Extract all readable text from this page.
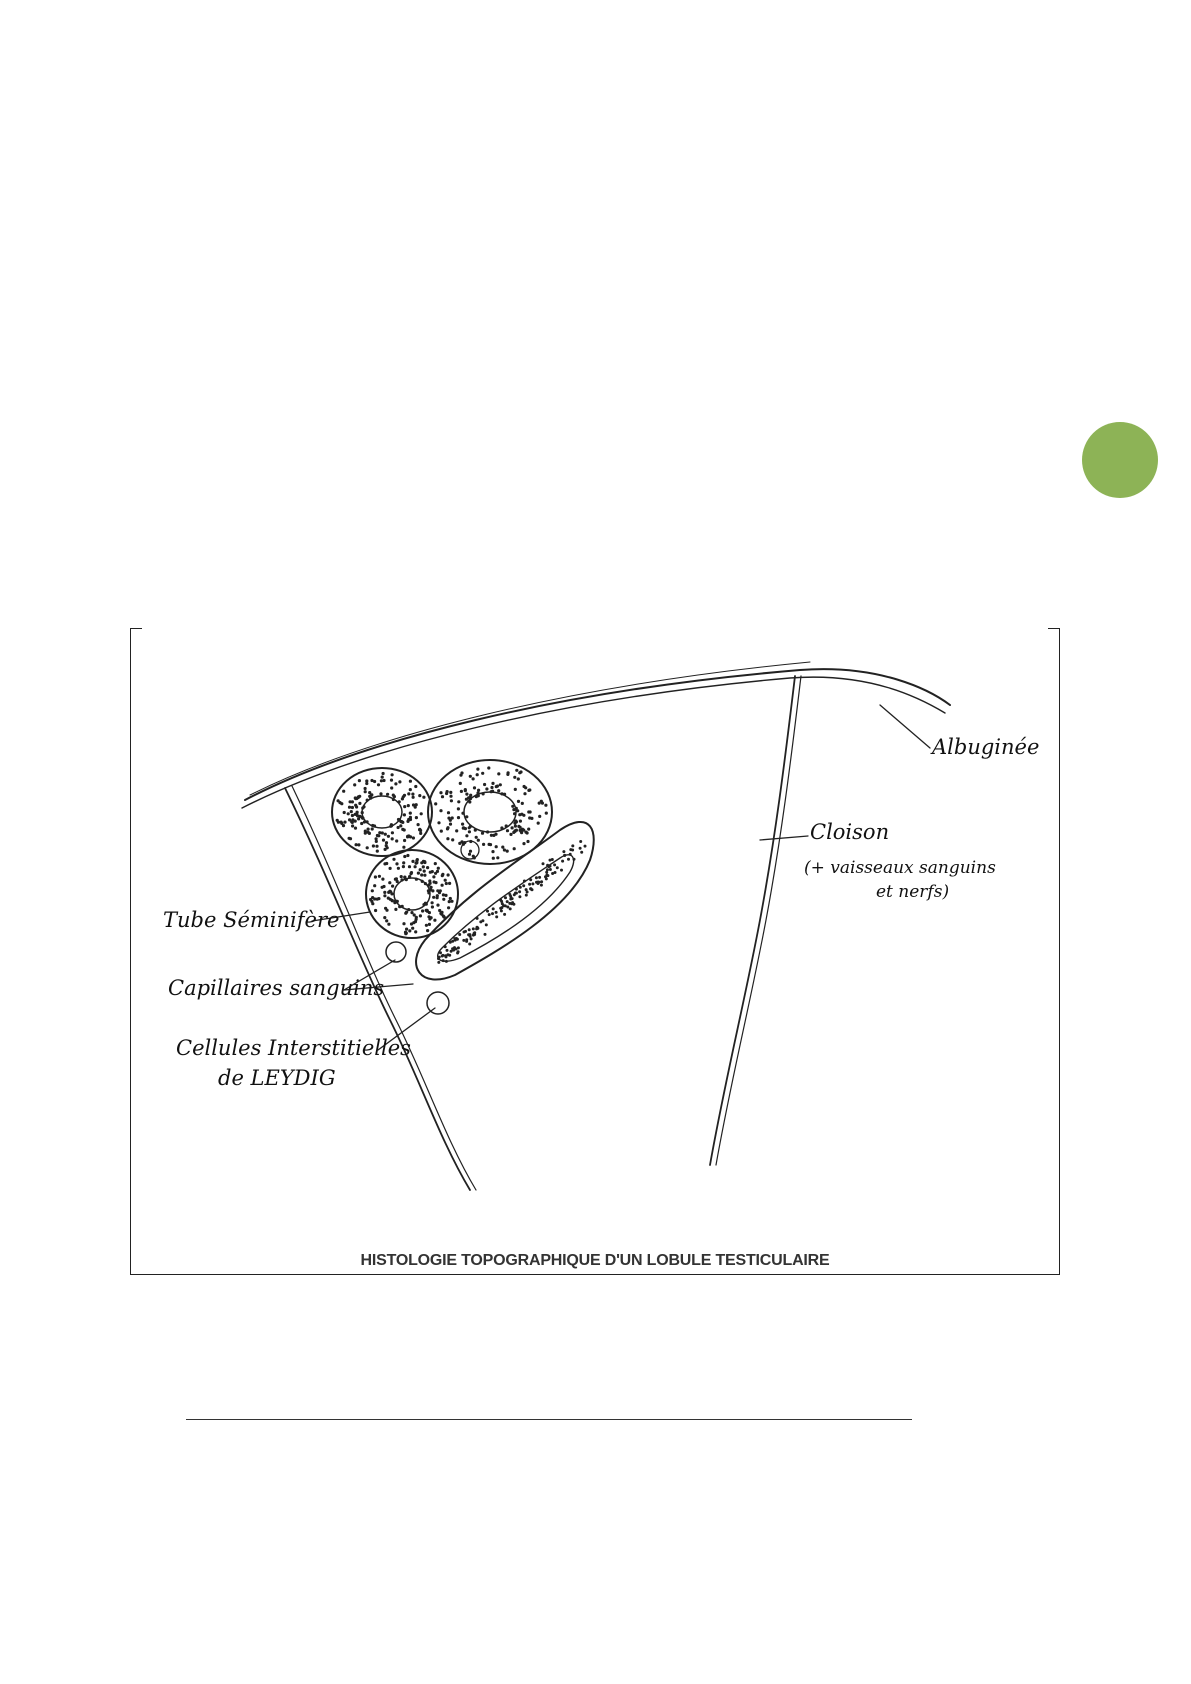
Albuginée
Cloison
(+ vaisseaux sanguins
et nerfs)
Tube Séminifère
Capillaires sanguins
Cellules Interstitielles
de LEYDIG
HISTOLOGIE TOPOGRAPHIQUE D'UN LOBULE TESTICULAIRE
